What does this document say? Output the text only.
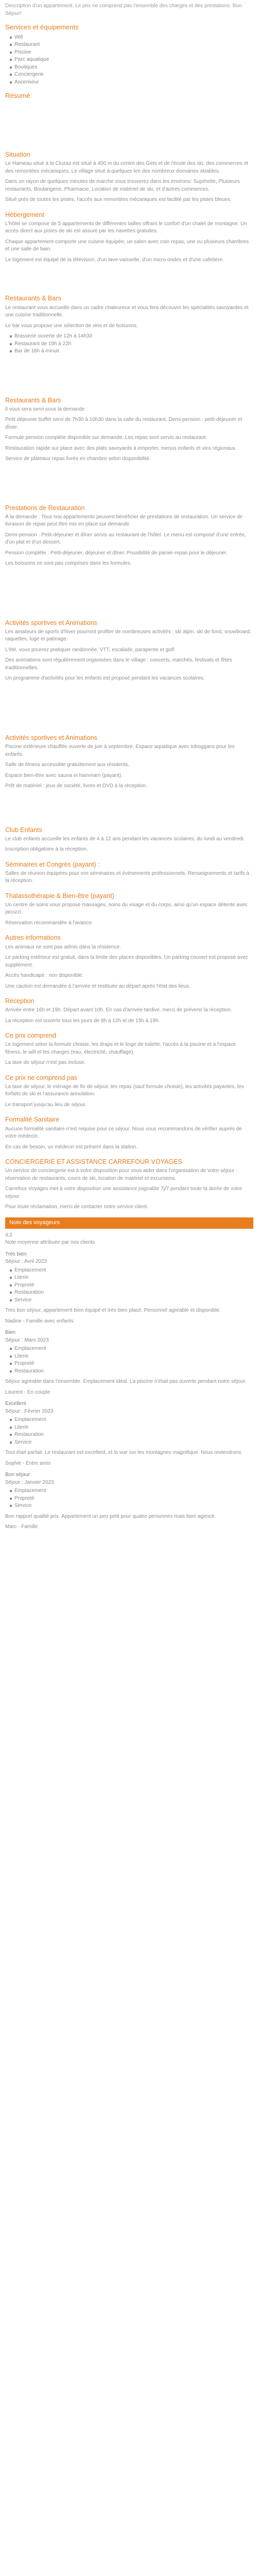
Description d'un appartement. Le prix ne comprend pas l'ensemble des charges et des prestations. Bon Séjour!
Services et équipements
Wifi
Restaurant
Piscine
Parc aquatique
Boutiques
Conciergerie
Ascenseur
Résumé
Situation

Le Hameau situé à la Cluzaz est situé à 400 m du centre des Gets et de l'école des ski, des commerces et des remontées mécaniques, Le village situé à quelques km des nombreux domaines skiables.

Dans un rayon de quelques minutes de marche vous trouverez dans les environs: Supérette, Plusieurs restaurants, Boulangerie, Pharmacie, Location de matériel de ski, et d'autres commerces.

Situé près de toutes les pistes, l'accès aux remontées mécaniques est facilité par les pistes bleues.

Hébergement

L'hôtel se compose de 5 appartements de différentes tailles offrant le confort d'un chalet de montagne. Un accès direct aux pistes de ski est assuré par les navettes gratuites.

Chaque appartement comporte une cuisine équipée, un salon avec coin repas, une ou plusieurs chambres et une salle de bain.

Le logement est équipé de la télévision, d'un lave-vaisselle, d'un micro-ondes et d'une cafetière.

Restaurants & Bars

Le restaurant vous accueille dans un cadre chaleureux et vous fera découvrir les spécialités savoyardes et une cuisine traditionnelle.

Le bar vous propose une sélection de vins et de boissons.

Brasserie ouverte de 12h à 14h30
Restaurant de 19h à 22h
Bar de 16h à minuit
Restaurants & Bars

Il vous sera servi sous la demande :

Petit déjeuner buffet servi de 7h30 à 10h30 dans la salle du restaurant. Demi-pension : petit-déjeuner et dîner.

Formule pension complète disponible sur demande. Les repas sont servis au restaurant.

Restauration rapide sur place avec des plats savoyards à emporter, menus enfants et vins régionaux.

Service de plateaux repas livrés en chambre selon disponibilité.

Prestations de Restauration

À la demande : Tous nos appartements peuvent bénéficier de prestations de restauration. Un service de livraison de repas peut être mis en place sur demande.

Demi-pension : Petit-déjeuner et dîner servis au restaurant de l'hôtel. Le menu est composé d'une entrée, d'un plat et d'un dessert.

Pension complète : Petit-déjeuner, déjeuner et dîner. Possibilité de panier-repas pour le déjeuner.

Les boissons ne sont pas comprises dans les formules.

Activités sportives et Animations

Les amateurs de sports d'hiver pourront profiter de nombreuses activités : ski alpin, ski de fond, snowboard, raquettes, luge et patinage.

L'été, vous pourrez pratiquer randonnée, VTT, escalade, parapente et golf.

Des animations sont régulièrement organisées dans le village : concerts, marchés, festivals et fêtes traditionnelles.

Un programme d'activités pour les enfants est proposé pendant les vacances scolaires.

Activités sportives et Animations

Piscine extérieure chauffée ouverte de juin à septembre. Espace aquatique avec toboggans pour les enfants.

Salle de fitness accessible gratuitement aux résidents.

Espace bien-être avec sauna et hammam (payant).

Prêt de matériel : jeux de société, livres et DVD à la réception.

Club Enfants

Le club enfants accueille les enfants de 4 à 12 ans pendant les vacances scolaires, du lundi au vendredi.

Inscription obligatoire à la réception.

Séminaires et Congrès (payant) :

Salles de réunion équipées pour vos séminaires et évènements professionnels. Renseignements et tarifs à la réception.

Thalassothérapie & Bien-être (payant)

Un centre de soins vous propose massages, soins du visage et du corps, ainsi qu'un espace détente avec jacuzzi.

Réservation recommandée à l'avance.

Autres informations

Les animaux ne sont pas admis dans la résidence.

Le parking extérieur est gratuit, dans la limite des places disponibles. Un parking couvert est proposé avec supplément.

Accès handicapé : non disponible.

Une caution est demandée à l'arrivée et restituée au départ après l'état des lieux.

Réception

Arrivée entre 16h et 19h. Départ avant 10h. En cas d'arrivée tardive, merci de prévenir la réception.

La réception est ouverte tous les jours de 8h à 12h et de 15h à 19h.

Ce prix comprend

Le logement selon la formule choisie, les draps et le linge de toilette, l'accès à la piscine et à l'espace fitness, le wifi et les charges (eau, électricité, chauffage).

La taxe de séjour n'est pas incluse.

Ce prix ne comprend pas

La taxe de séjour, le ménage de fin de séjour, les repas (sauf formule choisie), les activités payantes, les forfaits de ski et l'assurance annulation.

Le transport jusqu'au lieu de séjour.

Formalité Sanitaire

Aucune formalité sanitaire n'est requise pour ce séjour. Nous vous recommandons de vérifier auprès de votre médecin.

En cas de besoin, un médecin est présent dans la station.

CONCIERGERIE ET ASSISTANCE CARREFOUR VOYAGES

Un service de conciergerie est à votre disposition pour vous aider dans l'organisation de votre séjour : réservation de restaurants, cours de ski, location de matériel et excursions.

Carrefour Voyages met à votre disposition une assistance joignable 7j/7 pendant toute la durée de votre séjour.

Pour toute réclamation, merci de contacter notre service client.

Note des voyageurs
4,2
Note moyenne attribuée par nos clients
Très bien
Séjour : Avril 2023
Emplacement
Literie
Propreté
Restauration
Service

Très bon séjour, appartement bien équipé et très bien placé. Personnel agréable et disponible.

Nadine - Famille avec enfants

Bien
Séjour : Mars 2023
Emplacement
Literie
Propreté
Restauration

Séjour agréable dans l'ensemble. Emplacement idéal. La piscine n'était pas ouverte pendant notre séjour.

Laurent - En couple

Excellent
Séjour : Février 2023
Emplacement
Literie
Restauration
Service

Tout était parfait. Le restaurant est excellent, et la vue sur les montagnes magnifique. Nous reviendrons.

Sophie - Entre amis

Bon séjour
Séjour : Janvier 2023
Emplacement
Propreté
Service

Bon rapport qualité-prix. Appartement un peu petit pour quatre personnes mais bien agencé.

Marc - Famille
